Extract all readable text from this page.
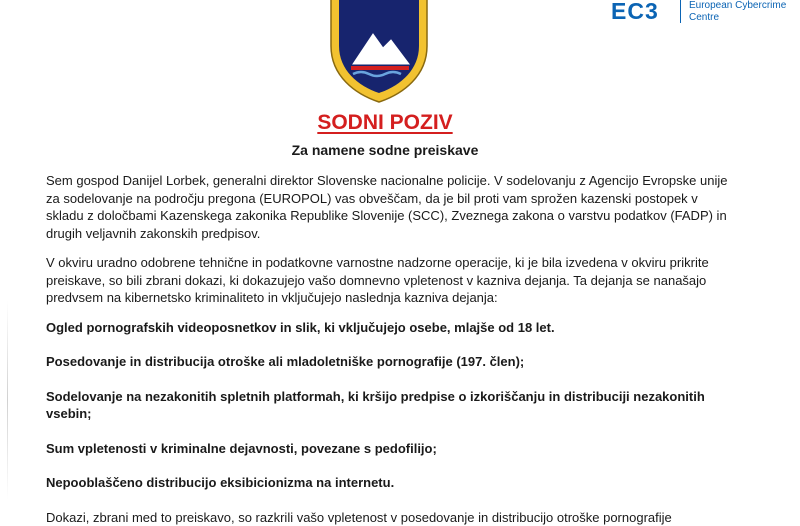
EC3	European Cybercrime
Centre
SODNI POZIV
Za namene sodne preiskave

Sem gospod Danijel Lorbek, generalni direktor Slovenske nacionalne policije. V sodelovanju z Agencijo Evropske unije za sodelovanje na področju pregona (EUROPOL) vas obveščam, da je bil proti vam sprožen kazenski postopek v skladu z določbami Kazenskega zakonika Republike Slovenije (SCC), Zveznega zakona o varstvu podatkov (FADP) in drugih veljavnih zakonskih predpisov.

V okviru uradno odobrene tehnične in podatkovne varnostne nadzorne operacije, ki je bila izvedena v okviru prikrite preiskave, so bili zbrani dokazi, ki dokazujejo vašo domnevno vpletenost v kazniva dejanja. Ta dejanja se nanašajo predvsem na kibernetsko kriminaliteto in vključujejo naslednja kazniva dejanja:

Ogled pornografskih videoposnetkov in slik, ki vključujejo osebe, mlajše od 18 let.

Posedovanje in distribucija otroške ali mladoletniške pornografije (197. člen);

Sodelovanje na nezakonitih spletnih platformah, ki kršijo predpise o izkoriščanju in distribuciji nezakonitih vsebin;

Sum vpletenosti v kriminalne dejavnosti, povezane s pedofilijo;

Nepooblaščeno distribucijo eksibicionizma na internetu.

Dokazi, zbrani med to preiskavo, so razkrili vašo vpletenost v posedovanje in distribucijo otroške pornografije
